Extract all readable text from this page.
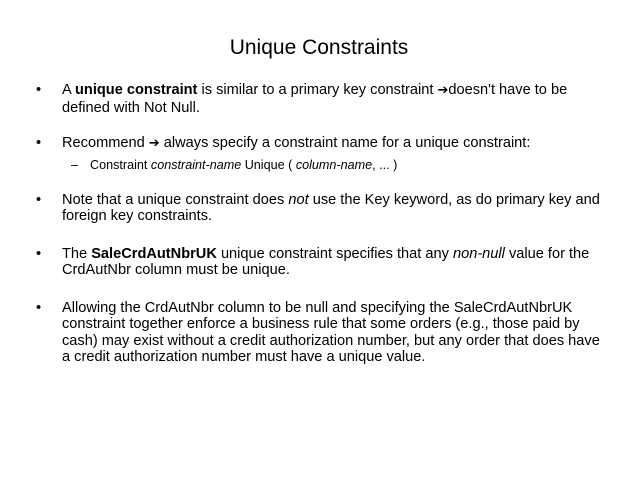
Unique Constraints
• A unique constraint is similar to a primary key constraint ➔doesn't have to be defined with Not Null.
• Recommend ➔ always specify a constraint name for a unique constraint:
– Constraint constraint-name Unique ( column-name, ... )
• Note that a unique constraint does not use the Key keyword, as do primary key and foreign key constraints.
• The SaleCrdAutNbrUK unique constraint specifies that any non-null value for the CrdAutNbr column must be unique.
• Allowing the CrdAutNbr column to be null and specifying the SaleCrdAutNbrUK constraint together enforce a business rule that some orders (e.g., those paid by cash) may exist without a credit authorization number, but any order that does have a credit authorization number must have a unique value.
